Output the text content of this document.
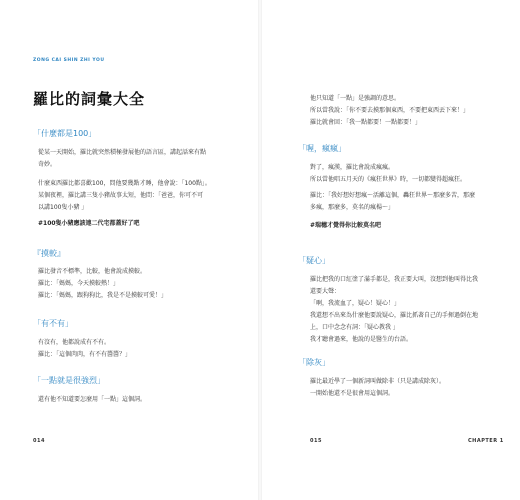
ZONG CAI SHIN ZHI YOU
羅比的詞彙大全
「什麼都是100」

從某一天開始，羅比就突然積極發展他的語言區，講起話來有點
奇妙。

什麼東西羅比都喜歡100，問他要幾點才睡，他會說：「100點」。
某個夜裡，羅比講三隻小豬故事太短，他問：「爸爸，你可不可
以講100隻小豬 」

#100隻小豬應該連二代宅都蓋好了吧

『摸較』

羅比發音不標準，比較，他會說成摸較。
羅比：「媽媽，今天摸較熱！」
羅比：「媽媽，跟狗狗比，我是不是摸較可愛！」

「有不有」

有沒有，他都說成有不有。
羅比：「這個肉肉，有不有醬醬？」

「一點就是很強烈」

還有他不知道要怎麼用「一點」這個詞。

014

他只知道「一點」是強調的意思。
所以當我說：「你不要去摸那個東西，不要把東西丟下來！」
羅比就會回：「我一點都要！一點都要！」

「喔，瘋瘋」

對了，瘋漢，羅比會說成瘋瘋。
所以當他唱五月天的《瘋狂世界》時，一切都變得超瘋狂。

羅比：「我好想好想瘋～活離這個，轟狂世界～那麼多苦，那麼
多瘋，那麼多，莫名的瘋楊～」

#瑞穗才覺得你比較莫名吧

「疑心」

羅比把我的口紅塗了滿手都是，我正要大叫，沒想到他叫得比我
還要大聲：
「啊，我流血了，疑心！疑心！」
我還想不出來為什麼他要說疑心，羅比抓著自己的手揮過倒在地
上，口中念念有詞：「疑心教我 」
我才聽會過來，他說的是醫生的台語。

「除灰」

羅比最近學了一個新詞叫做除非（只是講成除灰）。
一開始他還不是很會用這個詞。

015	CHAPTER 1
